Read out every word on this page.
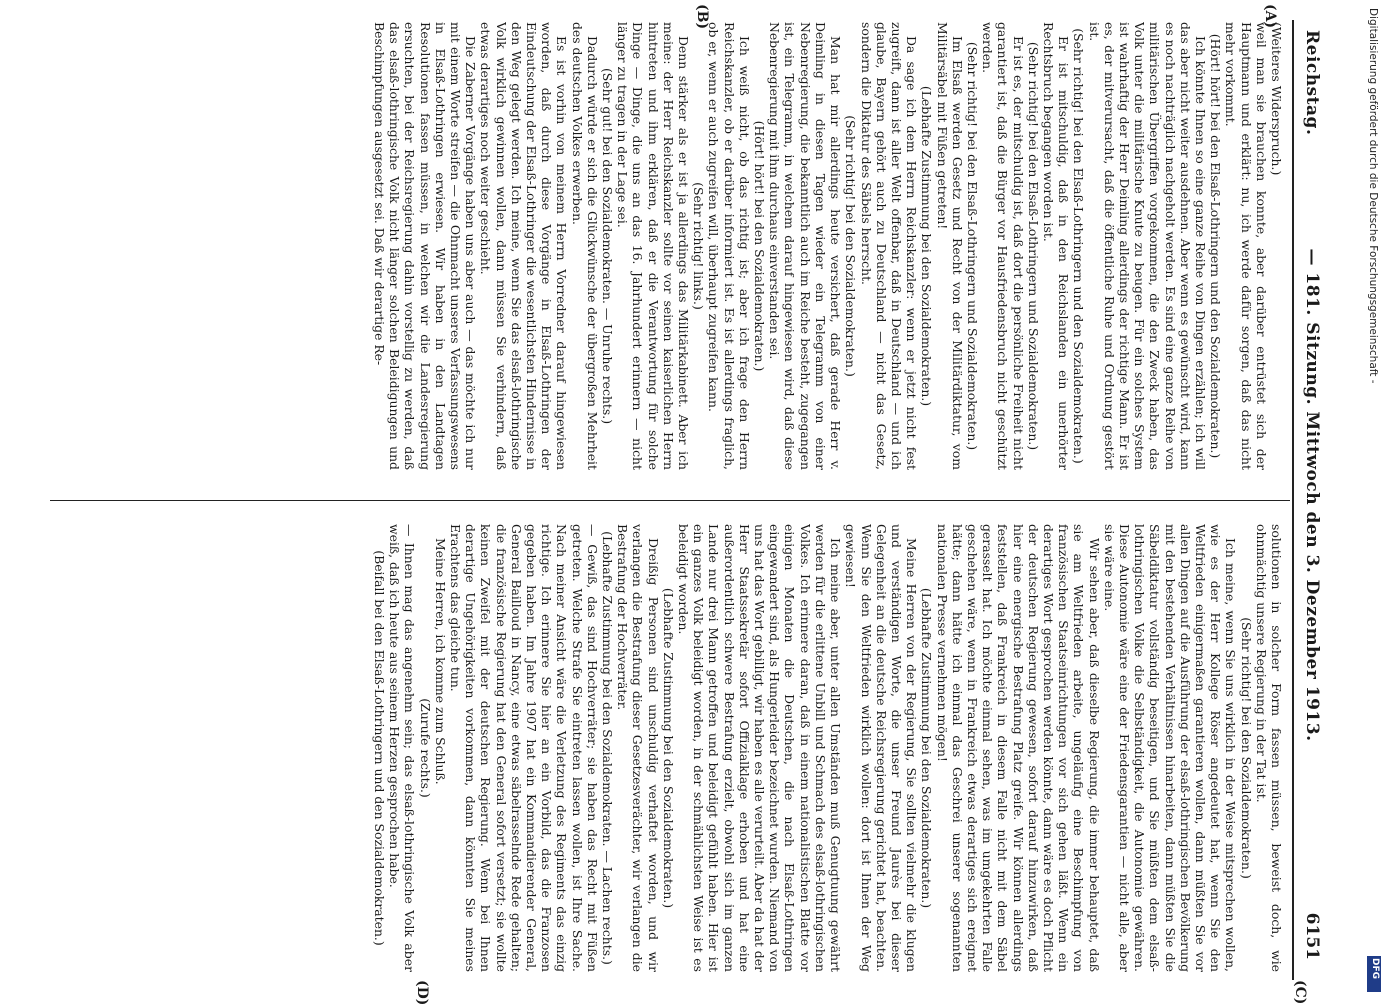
Reichstag.
— 181. Sitzung. Mittwoch den 3. Dezember 1913.
6151
(A)
(B)
(C)
(D)

(Weiteres Widerspruch.)

weil man sie brauchen konnte, aber darüber entrüstet sich der Hauptmann und erklärt: nu, ich werde dafür sorgen, daß das nicht mehr vorkommt.

(Hört! hört! bei den Elsaß-Lothringern und den Sozialdemokraten.)

Ich könnte Ihnen so eine ganze Reihe von Dingen erzählen; ich will das aber nicht weiter ausdehnen. Aber wenn es gewünscht wird, kann es noch nachträglich nachgeholt werden. Es sind eine ganze Reihe von militärischen Übergriffen vorgekommen, die den Zweck haben, das Volk unter die militärische Knute zu beugen. Für ein solches System ist wahrhaftig der Herr Deimling allerdings der richtige Mann. Er ist es, der mitverursacht, daß die öffentliche Ruhe und Ordnung gestört ist.

(Sehr richtig! bei den Elsaß-Lothringern und den Sozialdemokraten.)

Er ist mitschuldig, daß in den Reichslanden ein unerhörter Rechtsbruch begangen worden ist.

(Sehr richtig! bei den Elsaß-Lothringern und Sozialdemokraten.)

Er ist es, der mitschuldig ist, daß dort die persönliche Freiheit nicht garantiert ist, daß die Bürger vor Hausfriedensbruch nicht geschützt werden.

(Sehr richtig! bei den Elsaß-Lothringern und Sozialdemokraten.)

Im Elsaß werden Gesetz und Recht von der Militärdiktatur, vom Militärsäbel mit Füßen getreten!

(Lebhafte Zustimmung bei den Sozialdemokraten.)

Da sage ich dem Herrn Reichskanzler: wenn er jetzt nicht fest zugreift, dann ist aller Welt offenbar, daß in Deutschland — und ich glaube, Bayern gehört auch zu Deutschland — nicht das Gesetz, sondern die Diktatur des Säbels herrscht.

(Sehr richtig! bei den Sozialdemokraten.)

Man hat mir allerdings heute versichert, daß gerade Herr v. Deimling in diesen Tagen wieder ein Telegramm von einer Nebenregierung, die bekanntlich auch im Reiche besteht, zugegangen ist, ein Telegramm, in welchem darauf hingewiesen wird, daß diese Nebenregierung mit ihm durchaus einverstanden sei.

(Hört! hört! bei den Sozialdemokraten.)

Ich weiß nicht, ob das richtig ist; aber ich frage den Herrn Reichskanzler, ob er darüber informiert ist. Es ist allerdings fraglich, ob er, wenn er auch zugreifen will, überhaupt zugreifen kann.

(Sehr richtig! links.)

Denn stärker als er ist ja allerdings das Militärkabinett. Aber ich meine: der Herr Reichskanzler sollte vor seinen kaiserlichen Herrn hintreten und ihm erklären, daß er die Verantwortung für solche Dinge — Dinge, die uns an das 16. Jahrhundert erinnern — nicht länger zu tragen in der Lage sei.

(Sehr gut! bei den Sozialdemokraten. — Unruhe rechts.)

Dadurch würde er sich die Glückwünsche der übergroßen Mehrheit des deutschen Volkes erwerben.

Es ist vorhin von meinem Herrn Vorredner darauf hingewiesen worden, daß durch diese Vorgänge in Elsaß-Lothringen der Eindeutschung der Elsaß-Lothringer die wesentlichsten Hindernisse in den Weg gelegt werden. Ich meine, wenn Sie das elsaß-lothringische Volk wirklich gewinnen wollen, dann müssen Sie verhindern, daß etwas derartiges noch weiter geschieht.

Die Zaberner Vorgänge haben uns aber auch — das möchte ich nur mit einem Worte streifen — die Ohnmacht unseres Verfassungswesens in Elsaß-Lothringen erwiesen. Wir haben in den Landtagen Resolutionen fassen müssen, in welchen wir die Landesregierung ersuchten, bei der Reichsregierung dahin vorstellig zu werden, daß das elsaß-lothringische Volk nicht länger solchen Beleidigungen und Beschimpfungen ausgesetzt sei. Daß wir derartige Re-

solutionen in solcher Form fassen müssen, beweist doch, wie ohnmächtig unsere Regierung in der Tat ist.

(Sehr richtig! bei den Sozialdemokraten.)

Ich meine, wenn Sie uns wirklich in der Weise mitsprechen wollen, wie es der Herr Kollege Röser angedeutet hat, wenn Sie den Weltfrieden einigermaßen garantieren wollen, dann müßten Sie vor allen Dingen auf die Ausführung der elsaß-lothringischen Bevölkerung mit den bestehenden Verhältnissen hinarbeiten, dann müßten Sie die Säbeldiktatur vollständig beseitigen, und Sie müßten dem elsaß-lothringischen Volke die Selbständigkeit, die Autonomie gewähren. Diese Autonomie wäre eine der Friedensgarantien — nicht alle, aber sie wäre eine.

Wir sehen aber, daß dieselbe Regierung, die immer behauptet, daß sie am Weltfrieden arbeite, ungeläufig eine Beschimpfung von französischen Staatseinrichtungen vor sich gehen läßt. Wenn ein derartiges Wort gesprochen werden könnte, dann wäre es doch Pflicht der deutschen Regierung gewesen, sofort darauf hinzuwirken, daß hier eine energische Bestrafung Platz greife. Wir können allerdings feststellen, daß Frankreich in diesem Falle nicht mit dem Säbel gerasselt hat. Ich möchte einmal sehen, was im umgekehrten Falle geschehen wäre, wenn in Frankreich etwas derartiges sich ereignet hätte; dann hätte ich einmal das Geschrei unserer sogenannten nationalen Presse vernehmen mögen!

(Lebhafte Zustimmung bei den Sozialdemokraten.)

Meine Herren von der Regierung, Sie sollten vielmehr die klugen und verständigen Worte, die unser Freund Jaurès bei dieser Gelegenheit an die deutsche Reichsregierung gerichtet hat, beachten. Wenn Sie den Weltfrieden wirklich wollen: dort ist Ihnen der Weg gewiesen!

Ich meine aber, unter allen Umständen muß Genugtuung gewährt werden für die erlittene Unbill und Schmach des elsaß-lothringischen Volkes. Ich erinnere daran, daß in einem nationalistischen Blatte vor einigen Monaten die Deutschen, die nach Elsaß-Lothringen eingewandert sind, als Hungerleider bezeichnet wurden. Niemand von uns hat das Wort gebilligt, wir haben es alle verurteilt. Aber da hat der Herr Staatssekretär sofort Offizialklage erhoben und hat eine außerordentlich schwere Bestrafung erzielt, obwohl sich im ganzen Lande nur drei Mann getroffen und beleidigt gefühlt haben. Hier ist ein ganzes Volk beleidigt worden, in der schmählichsten Weise ist es beleidigt worden.

(Lebhafte Zustimmung bei den Sozialdemokraten.)

Dreißig Personen sind unschuldig verhaftet worden, und wir verlangen die Bestrafung dieser Gesetzesverächter, wir verlangen die Bestrafung der Hochverräter.

(Lebhafte Zustimmung bei den Sozialdemokraten. — Lachen rechts.)

— Gewiß, das sind Hochverräter; sie haben das Recht mit Füßen getreten. Welche Strafe Sie eintreten lassen wollen, ist Ihre Sache. Nach meiner Ansicht wäre die Verletzung des Regiments das einzig richtige. Ich erinnere Sie hier an ein Vorbild, das die Franzosen gegeben haben. Im Jahre 1907 hat ein Kommandierender General, General Bailloud in Nancy, eine etwas säbelrasselnde Rede gehalten; die französische Regierung hat den General sofort versetzt; sie wollte keinen Zweifel mit der deutschen Regierung. Wenn bei Ihnen derartige Ungehörigkeiten vorkommen, dann könnten Sie meines Erachtens das gleiche tun.

Meine Herren, ich komme zum Schluß.

(Zurufe rechts.)

— Ihnen mag das angenehm sein; das elsaß-lothringische Volk aber weiß, daß ich heute aus seinem Herzen gesprochen habe.

(Beifall bei den Elsaß-Lothringern und den Sozialdemokraten.)

Digitalisierung gefördert durch die Deutsche Forschungsgemeinschaft -
DFG
